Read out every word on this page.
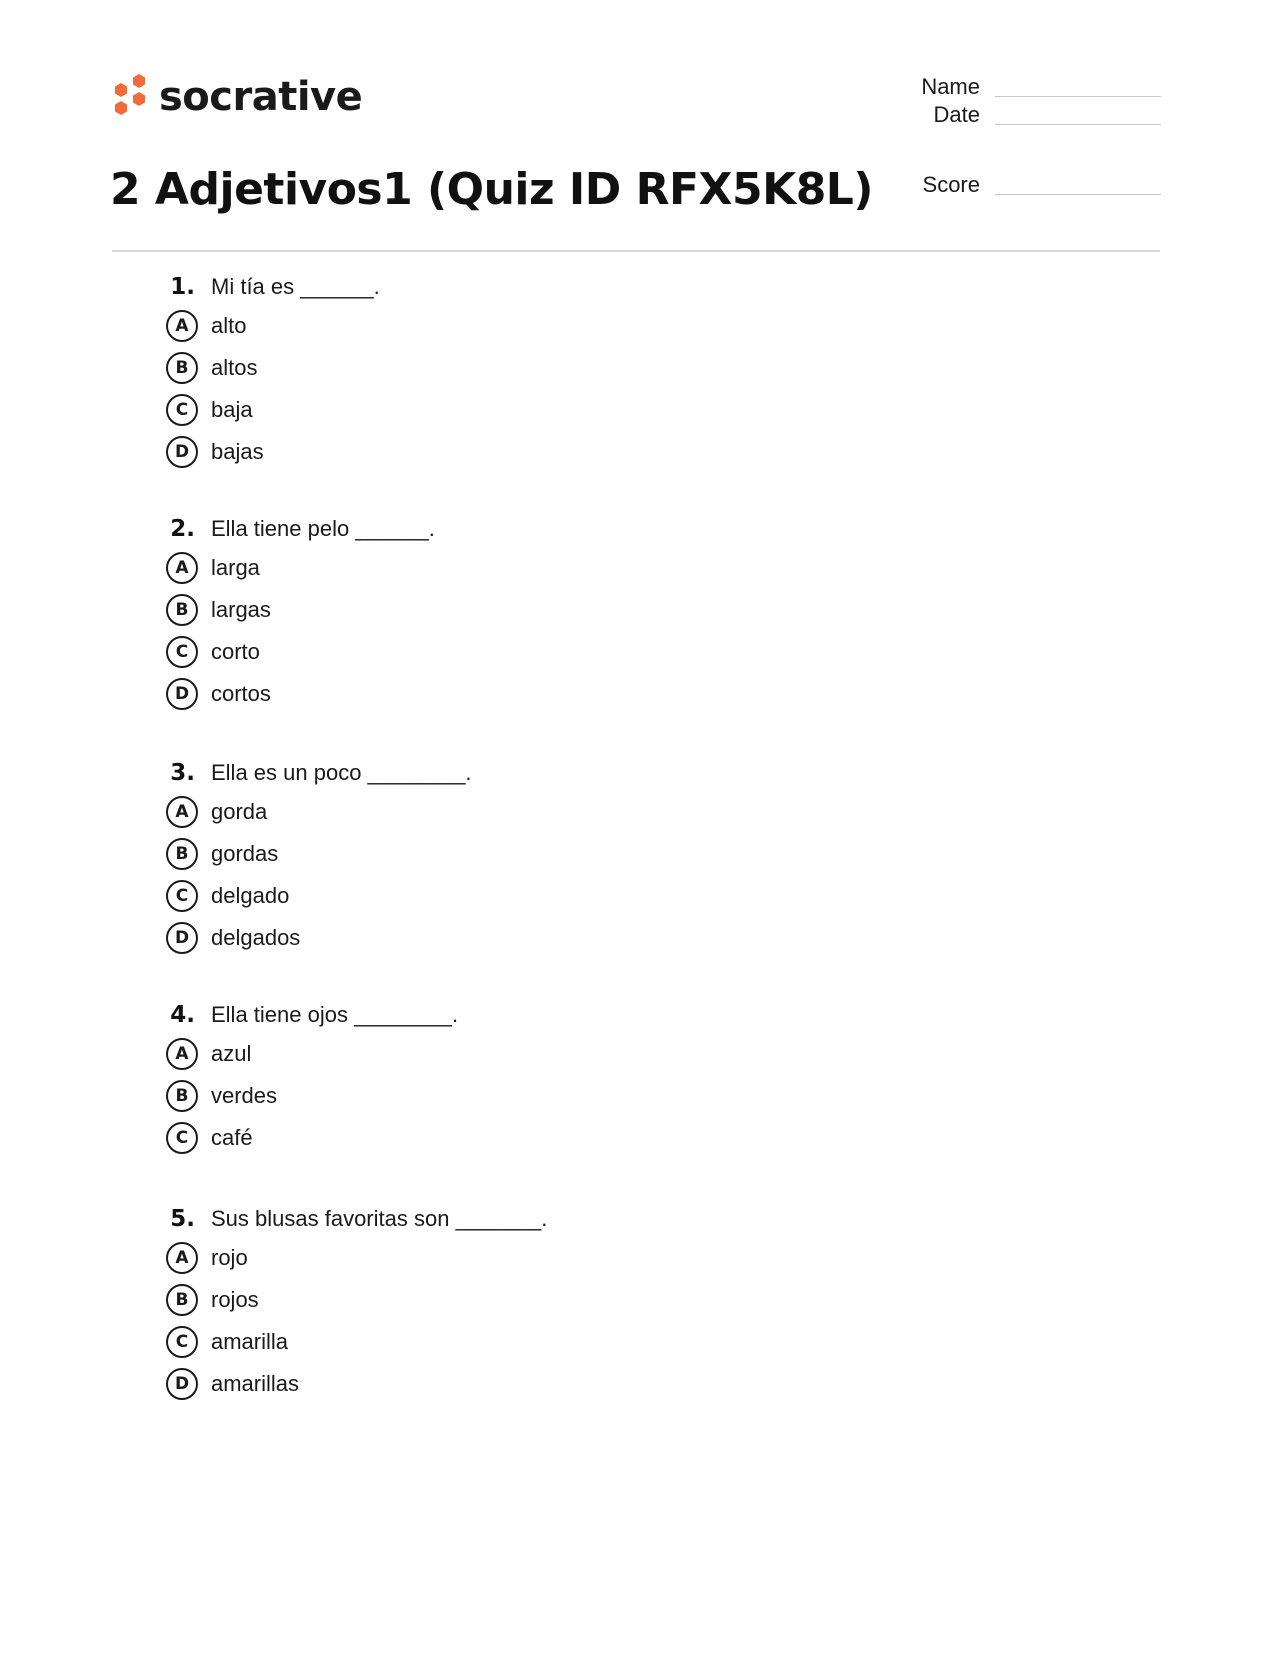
socrative	Name
Date
Score
2 Adjetivos1 (Quiz ID RFX5K8L)
1. Mi tía es ______.
A	alto
B	altos
C	baja
D bajas
2. Ella tiene pelo ______.
A	larga
B	largas
C	corto
D cortos
3. Ella es un poco ________.
A	gorda
B	gordas
C	delgado
D delgados
4. Ella tiene ojos ________.
A	azul
B	verdes
C	café
5. Sus blusas favoritas son _______.
A	rojo
B	rojos
C	amarilla
D amarillas
